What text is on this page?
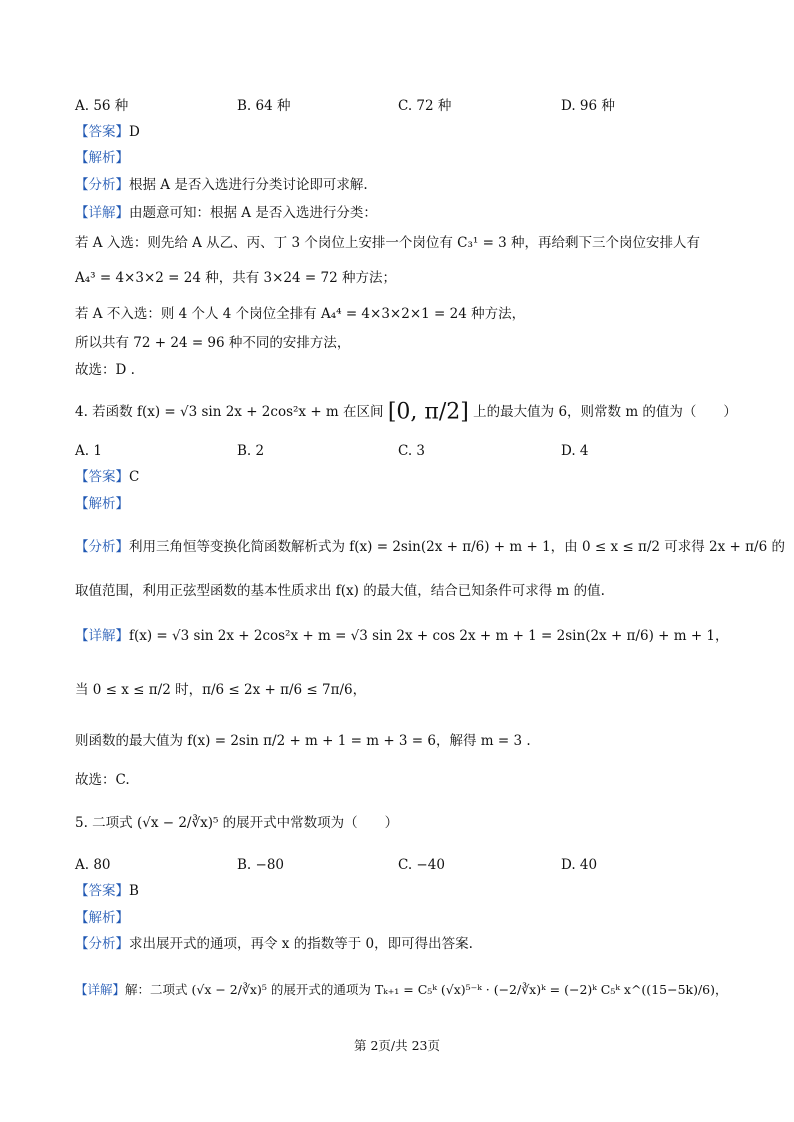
A. 56 种	B. 64 种	C. 72 种	D. 96 种
【答案】D
【解析】
【分析】根据 A 是否入选进行分类讨论即可求解.
【详解】由题意可知：根据 A 是否入选进行分类：
若 A 入选：则先给 A 从乙、丙、丁 3 个岗位上安排一个岗位有 C₃¹ = 3 种，再给剩下三个岗位安排人有
A₄³ = 4×3×2 = 24 种，共有 3×24 = 72 种方法；
若 A 不入选：则 4 个人 4 个岗位全排有 A₄⁴ = 4×3×2×1 = 24 种方法，
所以共有 72 + 24 = 96 种不同的安排方法，
故选：D .
4. 若函数 f(x) = √3 sin 2x + 2cos²x + m 在区间 [0, π/2] 上的最大值为 6，则常数 m 的值为（　　）
A. 1	B. 2	C. 3	D. 4
【答案】C
【解析】
【分析】利用三角恒等变换化简函数解析式为 f(x) = 2sin(2x + π/6) + m + 1，由 0 ≤ x ≤ π/2 可求得 2x + π/6 的
取值范围，利用正弦型函数的基本性质求出 f(x) 的最大值，结合已知条件可求得 m 的值.
【详解】f(x) = √3 sin 2x + 2cos²x + m = √3 sin 2x + cos 2x + m + 1 = 2sin(2x + π/6) + m + 1，
当 0 ≤ x ≤ π/2 时，π/6 ≤ 2x + π/6 ≤ 7π/6，
则函数的最大值为 f(x) = 2sin π/2 + m + 1 = m + 3 = 6，解得 m = 3 .
故选：C.
5. 二项式 (√x − 2/∛x)⁵ 的展开式中常数项为（　　）
A. 80	B. −80	C. −40	D. 40
【答案】B
【解析】
【分析】求出展开式的通项，再令 x 的指数等于 0，即可得出答案.
【详解】解：二项式 (√x − 2/∛x)⁵ 的展开式的通项为 Tₖ₊₁ = C₅ᵏ (√x)⁵⁻ᵏ · (−2/∛x)ᵏ = (−2)ᵏ C₅ᵏ x^((15−5k)/6)，
第 2页/共 23页
